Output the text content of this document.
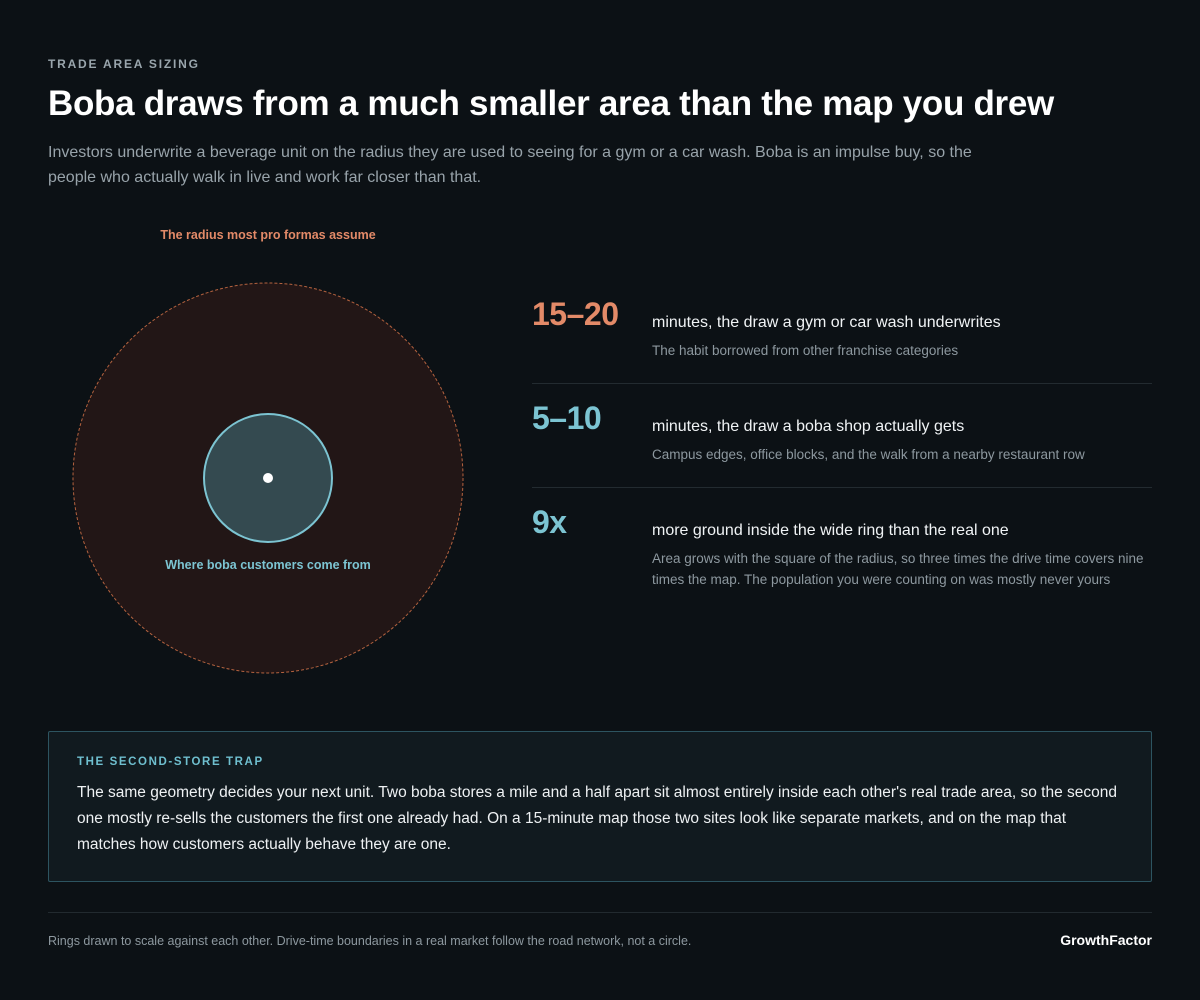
TRADE AREA SIZING
Boba draws from a much smaller area than the map you drew

Investors underwrite a beverage unit on the radius they are used to seeing for a gym or a car wash. Boba is an impulse buy, so the people who actually walk in live and work far closer than that.

The radius most pro formas assume
Where boba customers come from
15–20 minutes, the draw a gym or car wash underwrites
The habit borrowed from other franchise categories
5–10	minutes, the draw a boba shop actually gets
Campus edges, office blocks, and the walk from a nearby restaurant row
9x	more ground inside the wide ring than the real one
Area grows with the square of the radius, so three times the drive time covers nine times the map. The population you were counting on was mostly never yours
THE SECOND-STORE TRAP

The same geometry decides your next unit. Two boba stores a mile and a half apart sit almost entirely inside each other's real trade area, so the second one mostly re-sells the customers the first one already had. On a 15-minute map those two sites look like separate markets, and on the map that matches how customers actually behave they are one.

Rings drawn to scale against each other. Drive-time boundaries in a real market follow the road network, not a circle.	GrowthFactor
